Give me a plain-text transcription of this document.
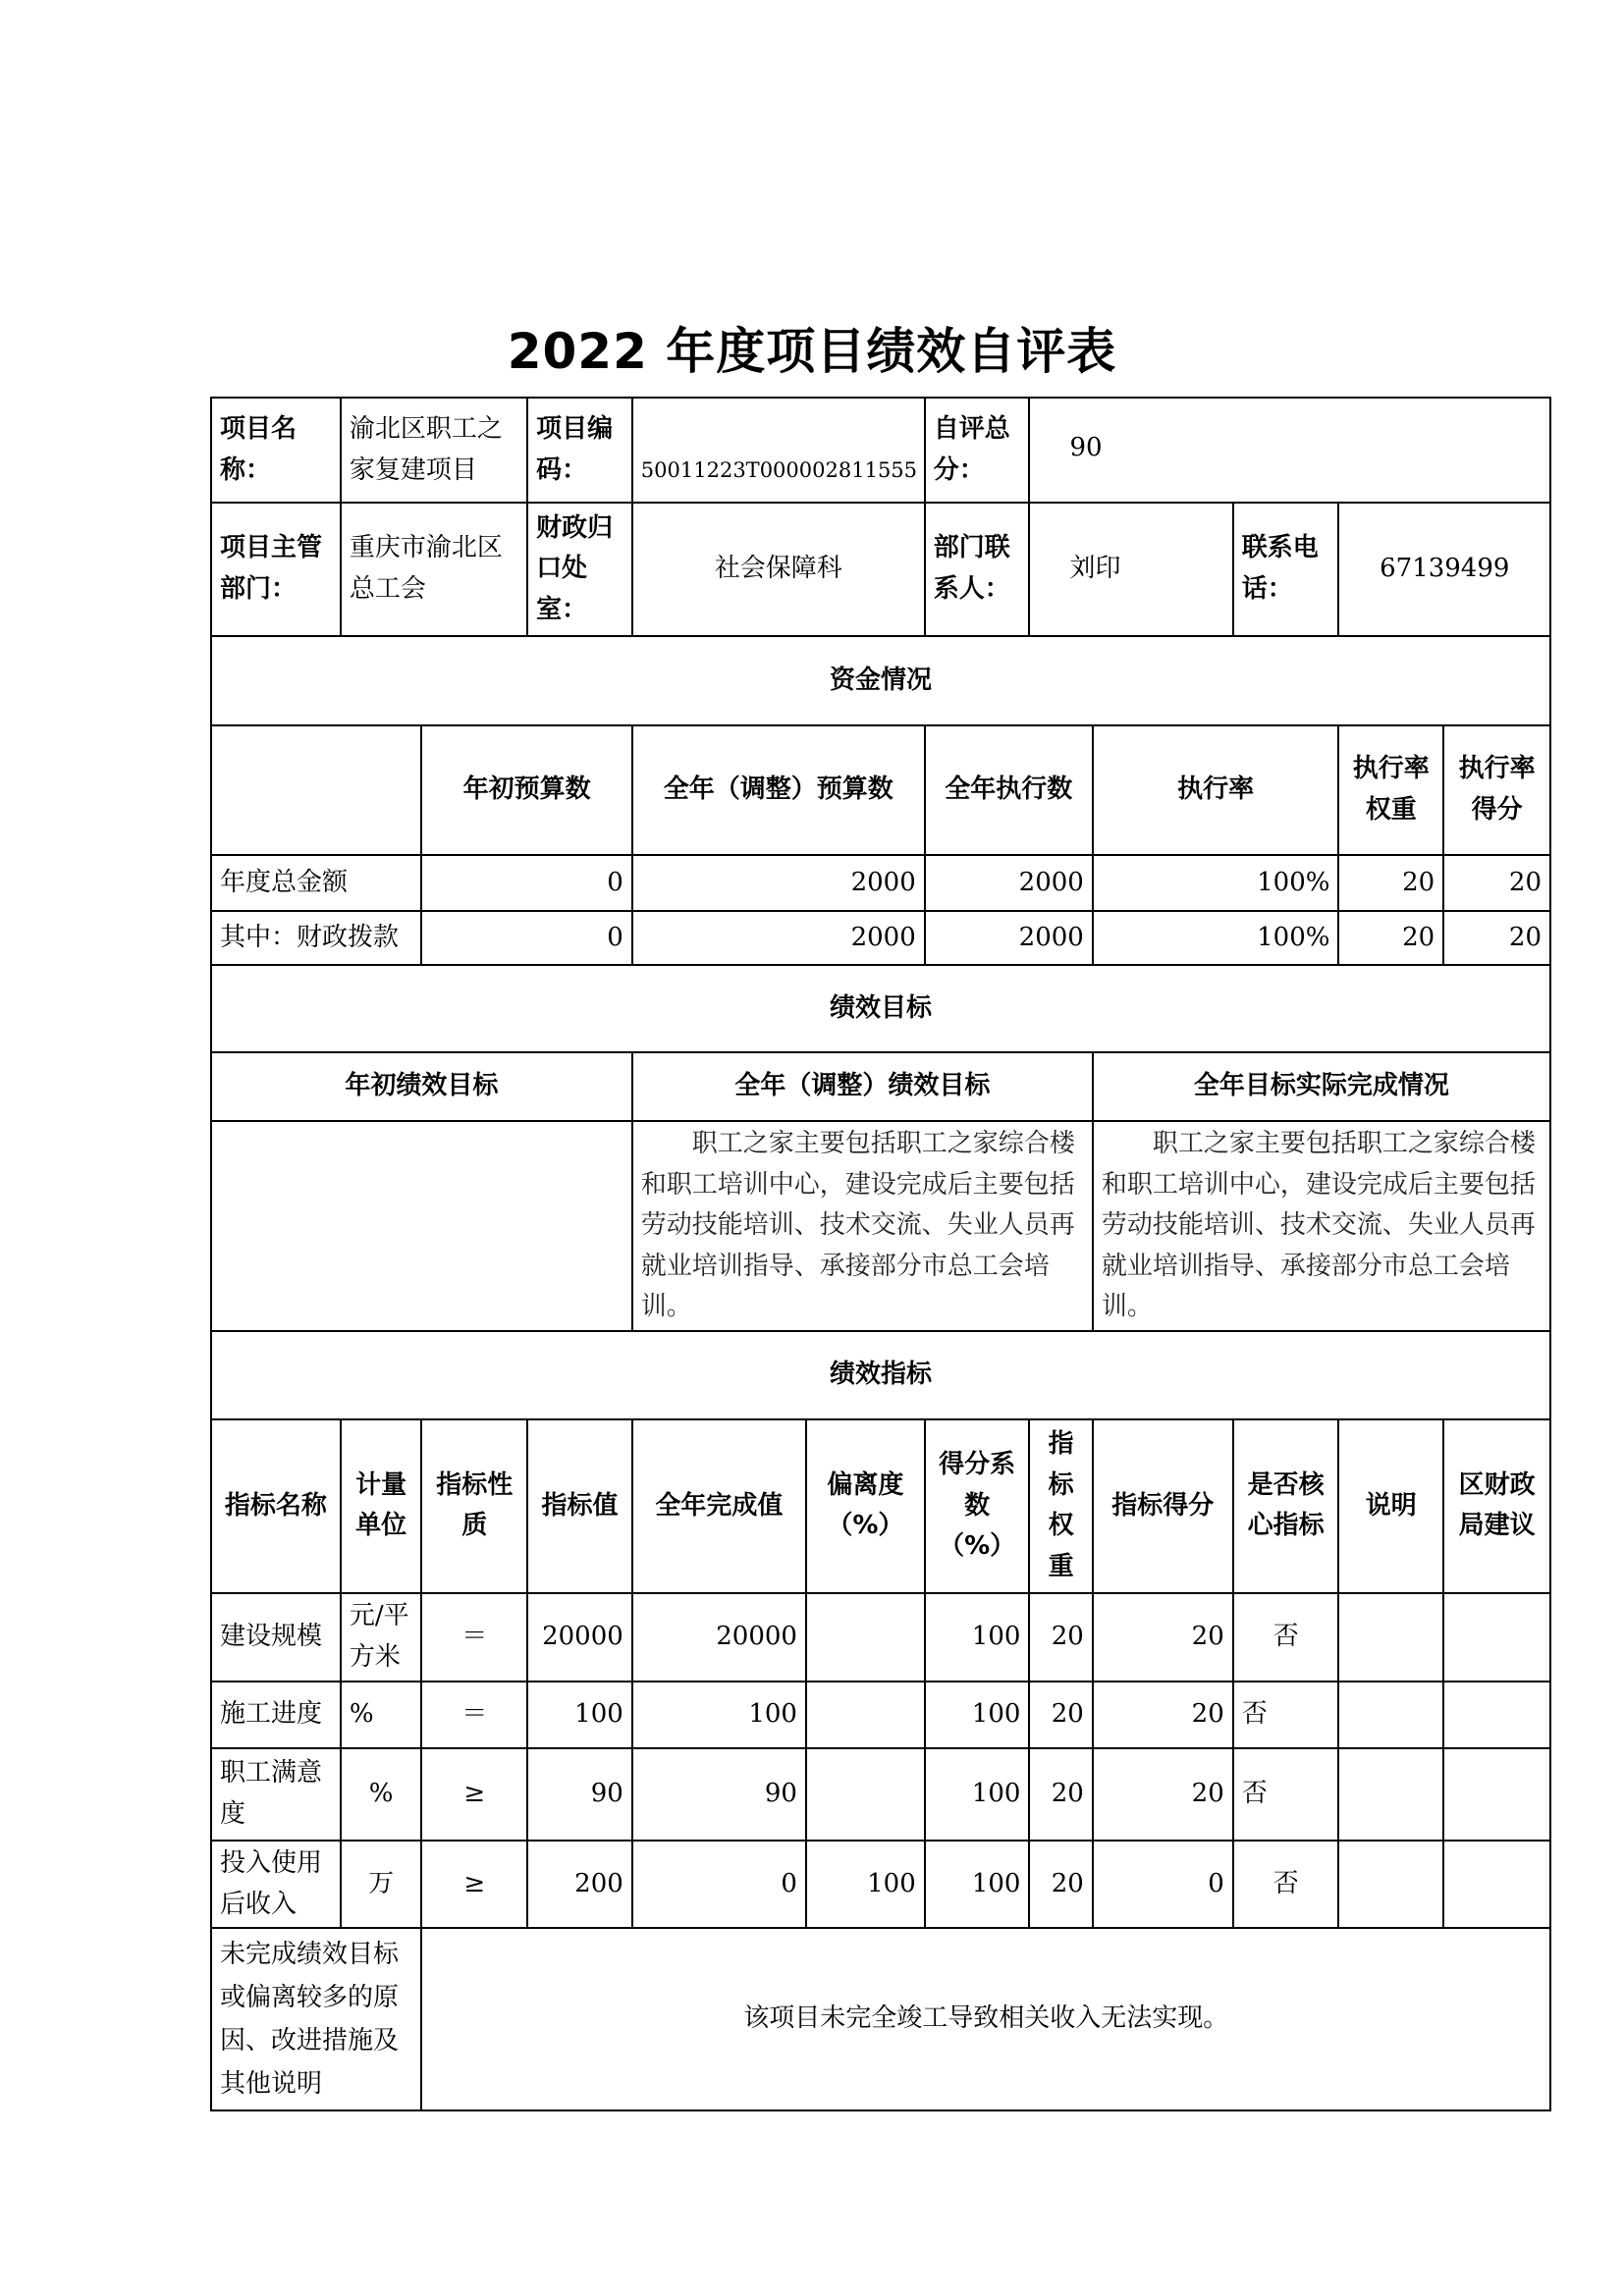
2022 年度项目绩效自评表
项目名称：	渝北区职工之家复建项目		项目编码：	50011223T000002811555		自评总分：	90				
项目主管部门：	重庆市渝北区总工会		财政归口处室：	社会保障科		部门联系人：	刘印		联系电话：	67139499	
资金情况											
		年初预算数		全年（调整）预算数		全年执行数		执行率		执行率权重	执行率得分
年度总金额		0		2000		2000		100%		20	20
其中：财政拨款		0		2000		2000		100%		20	20
绩效目标											
年初绩效目标				全年（调整）绩效目标				全年目标实际完成情况			
				职工之家主要包括职工之家综合楼和职工培训中心，建设完成后主要包括劳动技能培训、技术交流、失业人员再就业培训指导、承接部分市总工会培训。				职工之家主要包括职工之家综合楼和职工培训中心，建设完成后主要包括劳动技能培训、技术交流、失业人员再就业培训指导、承接部分市总工会培训。			
绩效指标											
指标名称	计量单位	指标性质	指标值	全年完成值	偏离度（%）	得分系数（%）	指标权重	指标得分	是否核心指标	说明	区财政局建议
建设规模	元/平方米	＝	20000	20000		100	20	20	否		
施工进度	%	＝	100	100		100	20	20	否		
职工满意度	%	≥	90	90		100	20	20	否		
投入使用后收入	万	≥	200	0	100	100	20	0	否		
未完成绩效目标或偏离较多的原因、改进措施及其他说明		该项目未完全竣工导致相关收入无法实现。									
